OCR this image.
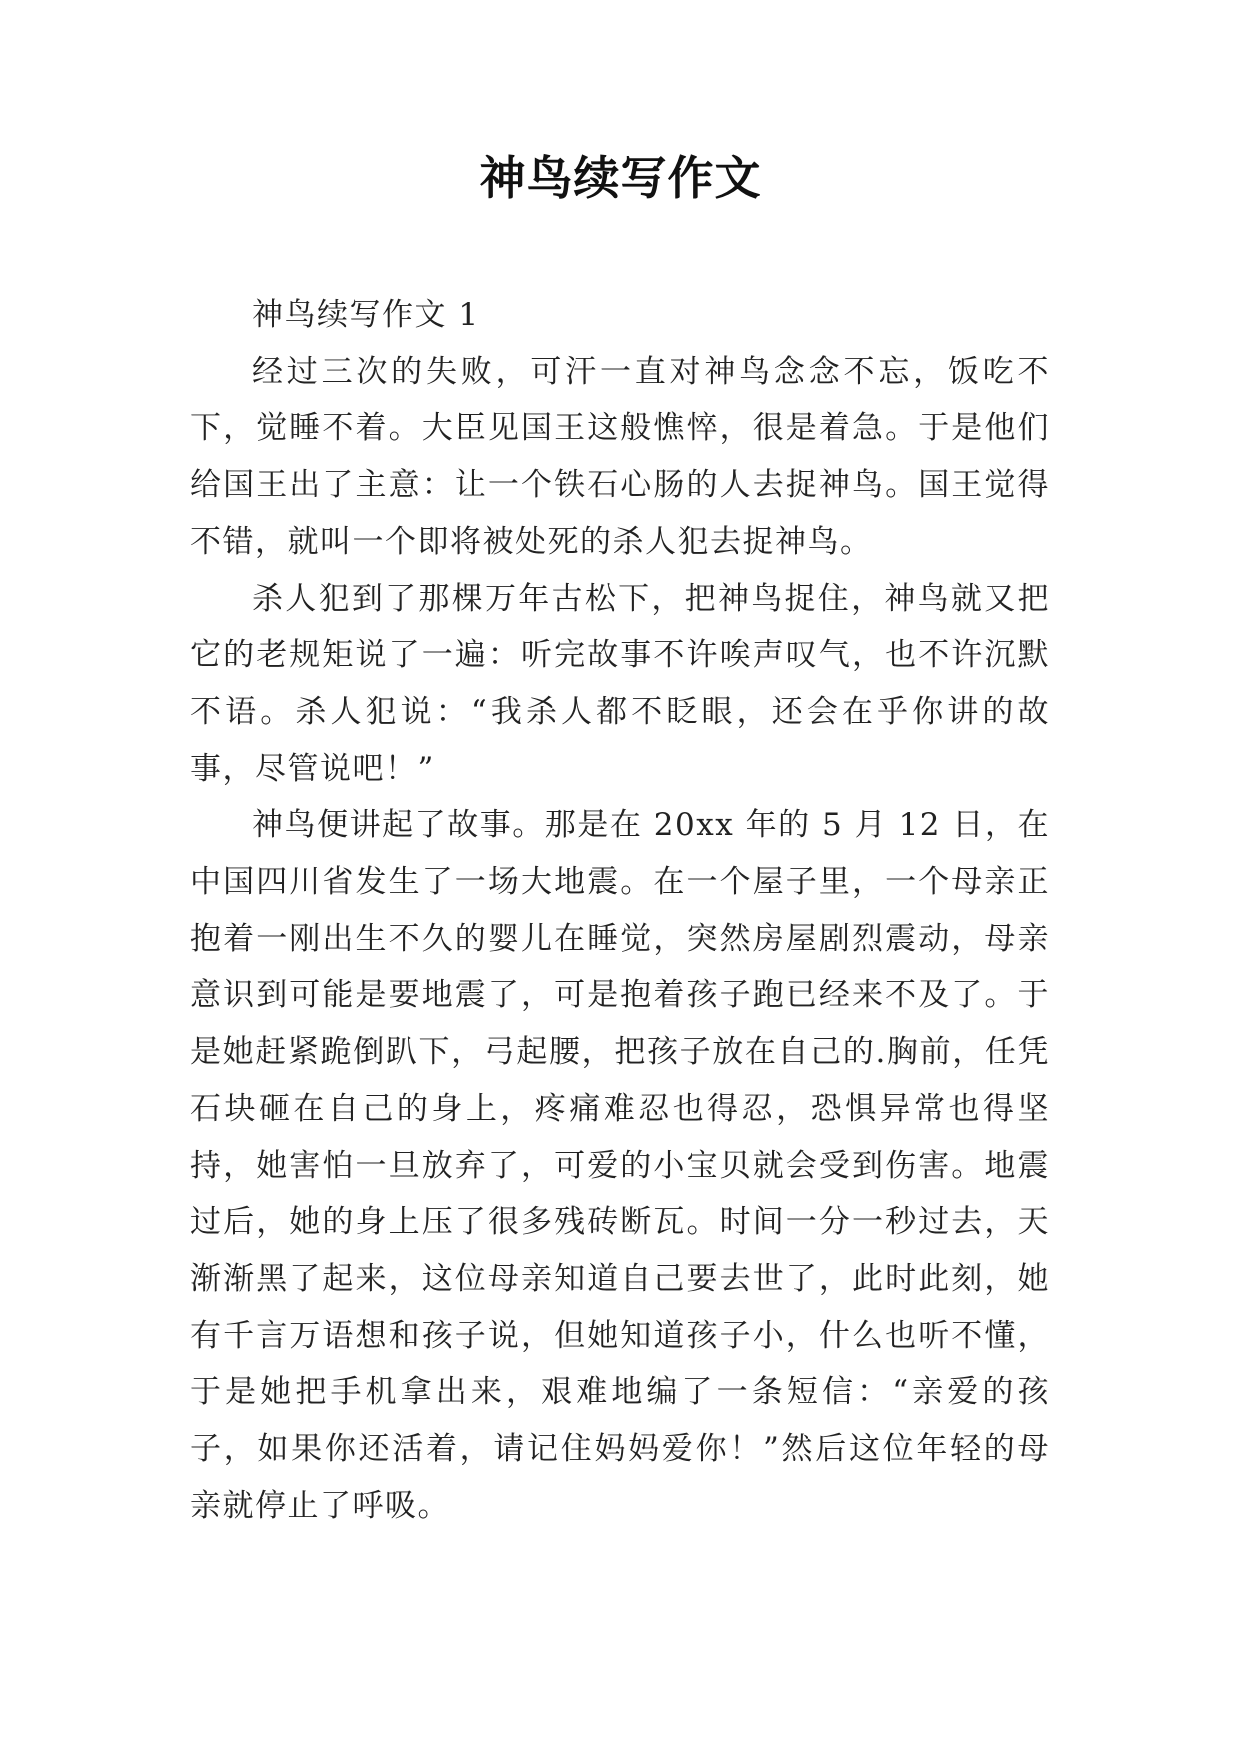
神鸟续写作文

神鸟续写作文 1

经过三次的失败，可汗一直对神鸟念念不忘，饭吃不下，觉睡不着。大臣见国王这般憔悴，很是着急。于是他们给国王出了主意：让一个铁石心肠的人去捉神鸟。国王觉得不错，就叫一个即将被处死的杀人犯去捉神鸟。

杀人犯到了那棵万年古松下，把神鸟捉住，神鸟就又把它的老规矩说了一遍：听完故事不许唉声叹气，也不许沉默不语。杀人犯说：“我杀人都不眨眼，还会在乎你讲的故事，尽管说吧！”

神鸟便讲起了故事。那是在 20xx 年的 5 月 12 日，在中国四川省发生了一场大地震。在一个屋子里，一个母亲正抱着一刚出生不久的婴儿在睡觉，突然房屋剧烈震动，母亲意识到可能是要地震了，可是抱着孩子跑已经来不及了。于是她赶紧跪倒趴下，弓起腰，把孩子放在自己的.胸前，任凭石块砸在自己的身上，疼痛难忍也得忍，恐惧异常也得坚持，她害怕一旦放弃了，可爱的小宝贝就会受到伤害。地震过后，她的身上压了很多残砖断瓦。时间一分一秒过去，天渐渐黑了起来，这位母亲知道自己要去世了，此时此刻，她有千言万语想和孩子说，但她知道孩子小，什么也听不懂，于是她把手机拿出来，艰难地编了一条短信：“亲爱的孩子，如果你还活着，请记住妈妈爱你！”然后这位年轻的母亲就停止了呼吸。
